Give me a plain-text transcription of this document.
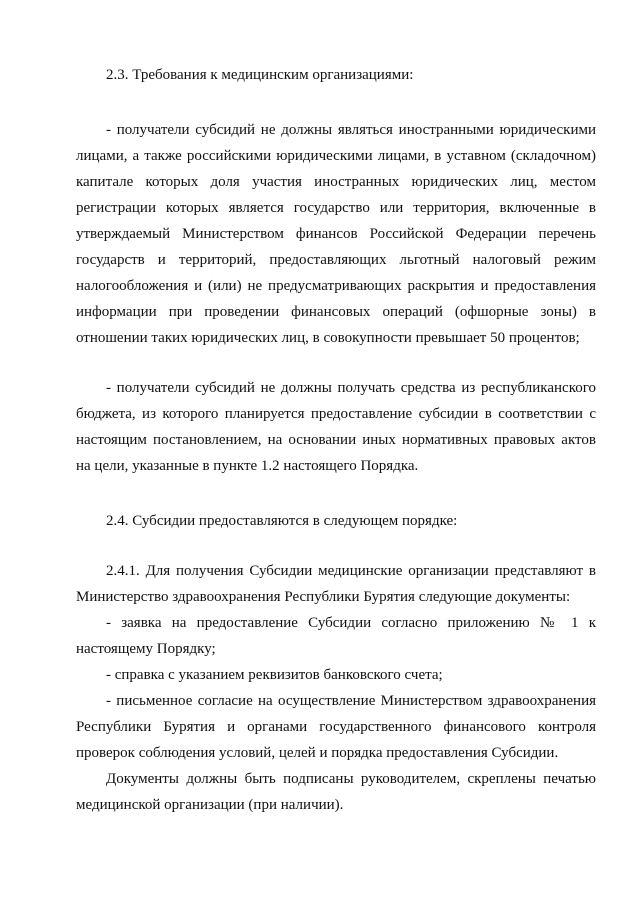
2.3. Требования к медицинским организациями:

- получатели субсидий не должны являться иностранными юридическими лицами, а также российскими юридическими лицами, в уставном (складочном) капитале которых доля участия иностранных юридических лиц, местом регистрации которых является государство или территория, включенные в утверждаемый Министерством финансов Российской Федерации перечень государств и территорий, предоставляющих льготный налоговый режим налогообложения и (или) не предусматривающих раскрытия и предоставления информации при проведении финансовых операций (офшорные зоны) в отношении таких юридических лиц, в совокупности превышает 50 процентов;

- получатели субсидий не должны получать средства из республиканского бюджета, из которого планируется предоставление субсидии в соответствии с настоящим постановлением, на основании иных нормативных правовых актов на цели, указанные в пункте 1.2 настоящего Порядка.

2.4. Субсидии предоставляются в следующем порядке:

2.4.1. Для получения Субсидии медицинские организации представляют в Министерство здравоохранения Республики Бурятия следующие документы:

- заявка на предоставление Субсидии согласно приложению № 1 к настоящему Порядку;

- справка с указанием реквизитов банковского счета;

- письменное согласие на осуществление Министерством здравоохранения Республики Бурятия и органами государственного финансового контроля проверок соблюдения условий, целей и порядка предоставления Субсидии.

Документы должны быть подписаны руководителем, скреплены печатью медицинской организации (при наличии).
